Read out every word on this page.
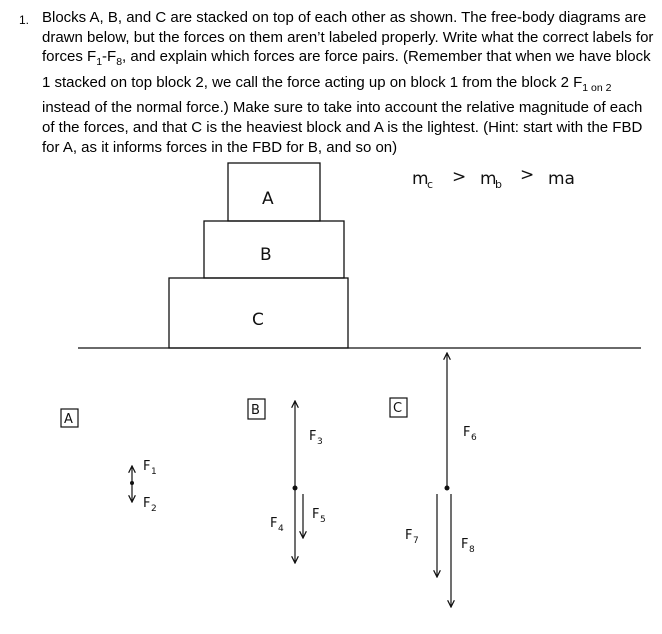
1. Blocks A, B, and C are stacked on top of each other as shown. The free-body diagrams are drawn below, but the forces on them aren’t labeled properly. Write what the correct labels for forces $F_1-F_8$, and explain which forces are force pairs. (Remember that when we have block 1 stacked on top block 2, we call the force acting up on block 1 from the block 2 $F_{1 on 2}$ instead of the normal force.) Make sure to take into account the relative magnitude of each of the forces, and that C is the heaviest block and A is the lightest. (Hint: start with the FBD for A, as it informs forces in the FBD for B, and so on)
m
c > m
b > ma
A
B
C
A
F 1
F 2
B
F 3
F 4
F 5
C
F 6
F 7	F 8
